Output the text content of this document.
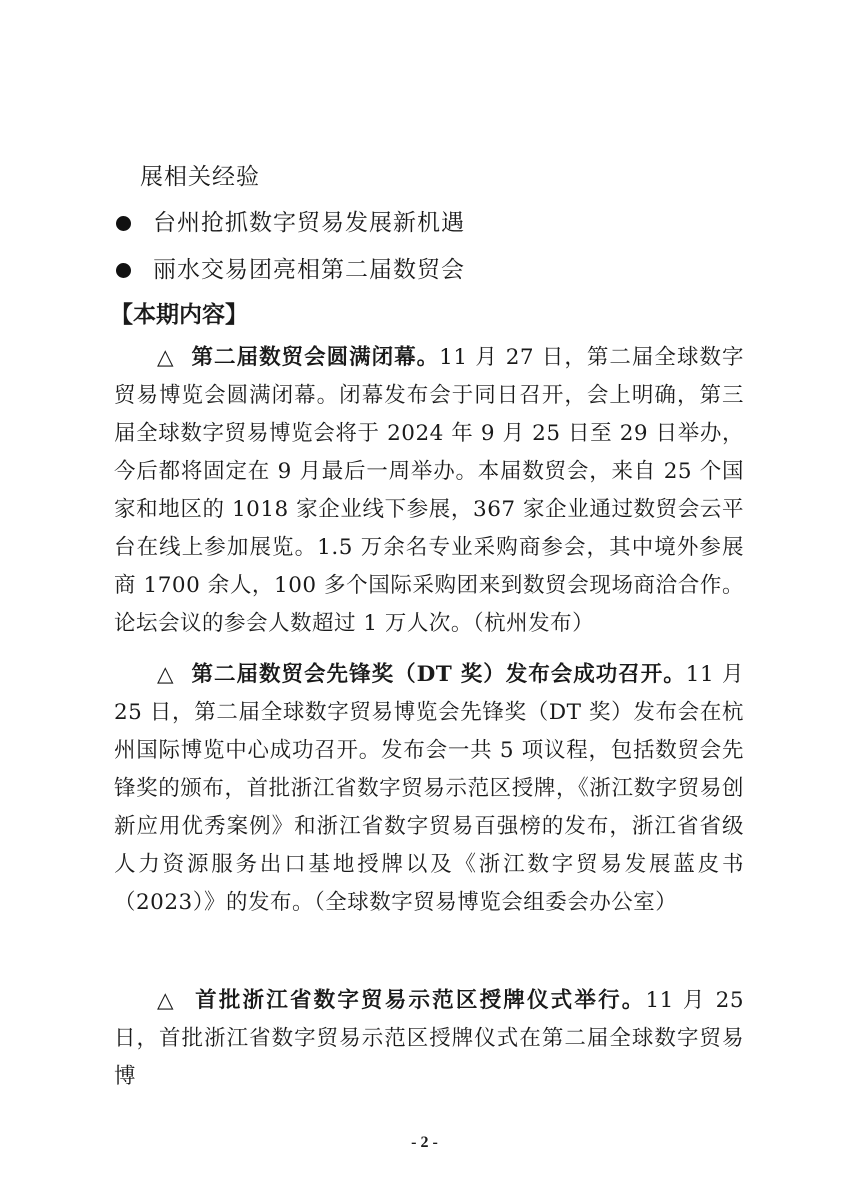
展相关经验
台州抢抓数字贸易发展新机遇
丽水交易团亮相第二届数贸会
【本期内容】
△ 第二届数贸会圆满闭幕。11 月 27 日，第二届全球数字贸易博览会圆满闭幕。闭幕发布会于同日召开，会上明确，第三届全球数字贸易博览会将于 2024 年 9 月 25 日至 29 日举办，今后都将固定在 9 月最后一周举办。本届数贸会，来自 25 个国家和地区的 1018 家企业线下参展，367 家企业通过数贸会云平台在线上参加展览。1.5 万余名专业采购商参会，其中境外参展商 1700 余人，100 多个国际采购团来到数贸会现场商洽合作。论坛会议的参会人数超过 1 万人次。（杭州发布）
△ 第二届数贸会先锋奖（DT 奖）发布会成功召开。11 月 25 日，第二届全球数字贸易博览会先锋奖（DT 奖）发布会在杭州国际博览中心成功召开。发布会一共 5 项议程，包括数贸会先锋奖的颁布，首批浙江省数字贸易示范区授牌，《浙江数字贸易创新应用优秀案例》和浙江省数字贸易百强榜的发布，浙江省省级人力资源服务出口基地授牌以及《浙江数字贸易发展蓝皮书（2023）》的发布。（全球数字贸易博览会组委会办公室）
△ 首批浙江省数字贸易示范区授牌仪式举行。11 月 25 日，首批浙江省数字贸易示范区授牌仪式在第二届全球数字贸易博
- 2 -
